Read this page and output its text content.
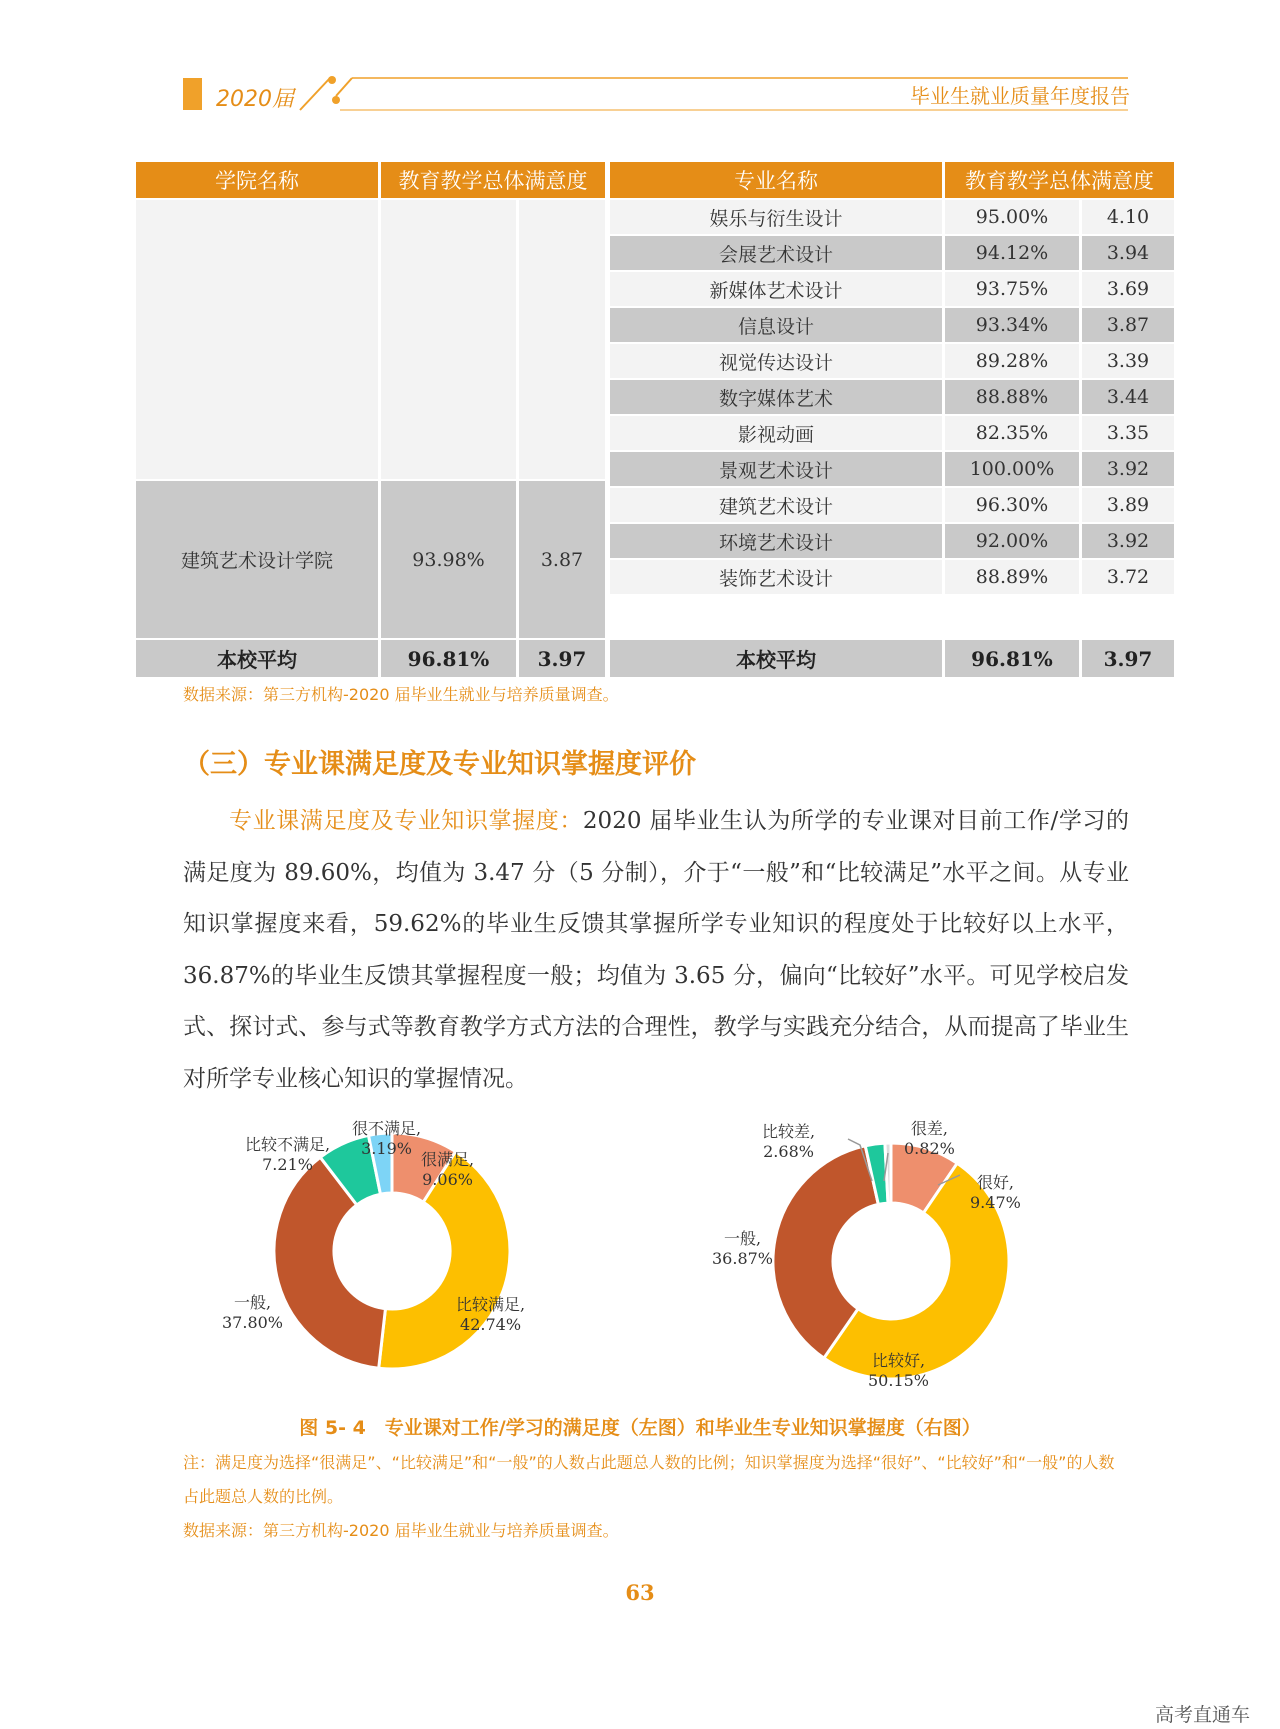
2020届	毕业生就业质量年度报告
学院名称	教育教学总体满意度	专业名称	教育教学总体满意度
建筑艺术设计学院	93.98%	3.87
娱乐与衍生设计	95.00%	4.10
会展艺术设计	94.12%	3.94
新媒体艺术设计	93.75%	3.69
信息设计	93.34%	3.87
视觉传达设计	89.28%	3.39
数字媒体艺术	88.88%	3.44
影视动画	82.35%	3.35
景观艺术设计	100.00%	3.92
建筑艺术设计	96.30%	3.89
环境艺术设计	92.00%	3.92
装饰艺术设计	88.89%	3.72
本校平均	96.81%	3.97	本校平均	96.81%	3.97
数据来源：第三方机构-2020 届毕业生就业与培养质量调查。
（三）专业课满足度及专业知识掌握度评价
专业课满足度及专业知识掌握度：2020 届毕业生认为所学的专业课对目前工作/学习的满足度为 89.60%，均值为 3.47 分（5 分制），介于“一般”和“比较满足”水平之间。从专业知识掌握度来看，59.62%的毕业生反馈其掌握所学专业知识的程度处于比较好以上水平，36.87%的毕业生反馈其掌握程度一般；均值为 3.65 分，偏向“比较好”水平。可见学校启发式、探讨式、参与式等教育教学方式方法的合理性，教学与实践充分结合，从而提高了毕业生对所学专业核心知识的掌握情况。
比较不满足,
7.21%
很不满足,
3.19%
很满足,
9.06%
比较满足,
42.74%
一般,
37.80%
比较差,
2.68%
很差,
0.82%
很好,
9.47%
比较好,
50.15%
一般,
36.87%
图 5- 4　专业课对工作/学习的满足度（左图）和毕业生专业知识掌握度（右图）
注：满足度为选择“很满足”、“比较满足”和“一般”的人数占此题总人数的比例；知识掌握度为选择“很好”、“比较好”和“一般”的人数占此题总人数的比例。
数据来源：第三方机构-2020 届毕业生就业与培养质量调查。
63
高考直通车
